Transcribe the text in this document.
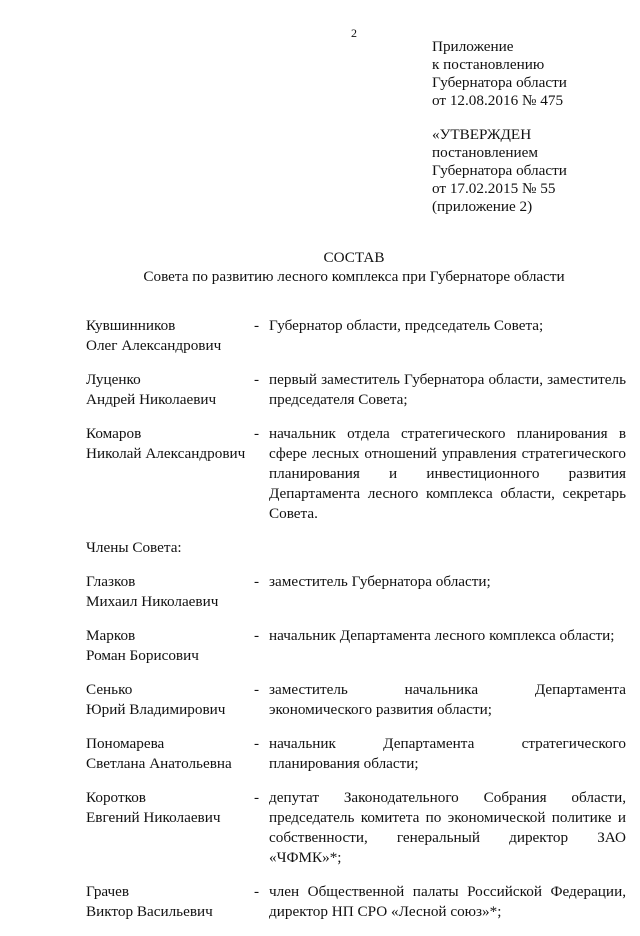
2
Приложение
к постановлению
Губернатора области
от 12.08.2016 № 475
«УТВЕРЖДЕН
постановлением
Губернатора области
от 17.02.2015 № 55
(приложение 2)
СОСТАВ
Совета по развитию лесного комплекса при Губернаторе области
Кувшинников
Олег Александрович
- Губернатор области, председатель Совета;
Луценко
Андрей Николаевич
- первый заместитель Губернатора области, заместитель председателя Совета;
Комаров
Николай Александрович
- начальник отдела стратегического планирования в сфере лесных отношений управления стратегического планирования и инвестиционного развития Департамента лесного комплекса области, секретарь Совета.
Члены Совета:
Глазков
Михаил Николаевич
- заместитель Губернатора области;
Марков
Роман Борисович
- начальник Департамента лесного комплекса области;
Сенько
Юрий Владимирович
- заместитель начальника Департамента экономического развития области;
Пономарева
Светлана Анатольевна
- начальник Департамента стратегического планирования области;
Коротков
Евгений Николаевич
- депутат Законодательного Собрания области, председатель комитета по экономической политике и собственности, генеральный директор ЗАО «ЧФМК»*;
Грачев
Виктор Васильевич
- член Общественной палаты Российской Федерации, директор НП СРО «Лесной союз»*;
